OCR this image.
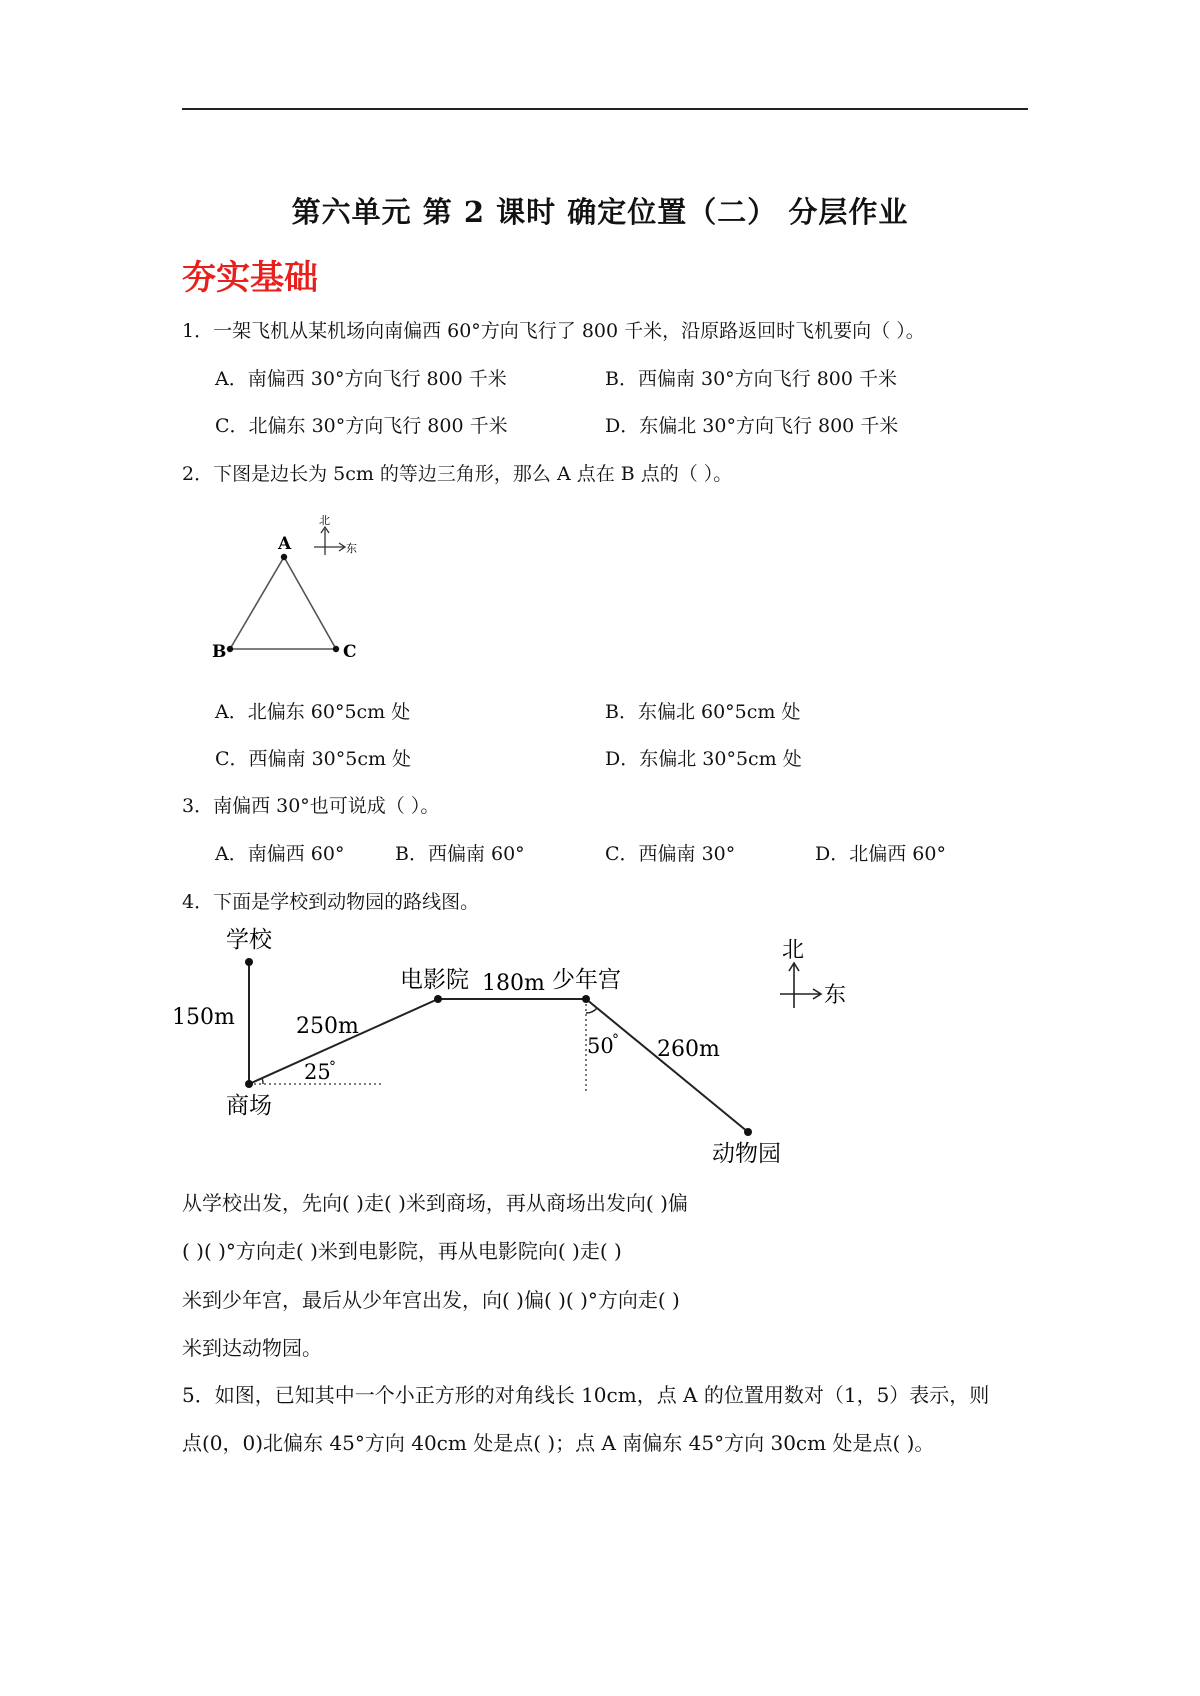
第六单元 第 2 课时 确定位置（二） 分层作业
夯实基础
1．一架飞机从某机场向南偏西 60°方向飞行了 800 千米，沿原路返回时飞机要向（ ）。
A．南偏西 30°方向飞行 800 千米	B．西偏南 30°方向飞行 800 千米
C．北偏东 30°方向飞行 800 千米	D．东偏北 30°方向飞行 800 千米
2．下图是边长为 5cm 的等边三角形，那么 A 点在 B 点的（ ）。
A
B	C
北
东
A．北偏东 60°5cm 处	B．东偏北 60°5cm 处
C．西偏南 30°5cm 处	D．东偏北 30°5cm 处
3．南偏西 30°也可说成（ ）。
A．南偏西 60°	B．西偏南 60°	C．西偏南 30°	D．北偏西 60°
4．下面是学校到动物园的路线图。
学校
商场
电影院	少年宫
动物园
150m	250m
180m
260m
25
°
50
°
北
东
从学校出发，先向( )走( )米到商场，再从商场出发向( )偏
( )( )°方向走( )米到电影院，再从电影院向( )走( )
米到少年宫，最后从少年宫出发，向( )偏( )( )°方向走( )
米到达动物园。
5．如图，已知其中一个小正方形的对角线长 10cm，点 A 的位置用数对（1，5）表示，则
点(0，0)北偏东 45°方向 40cm 处是点( )；点 A 南偏东 45°方向 30cm 处是点( )。
